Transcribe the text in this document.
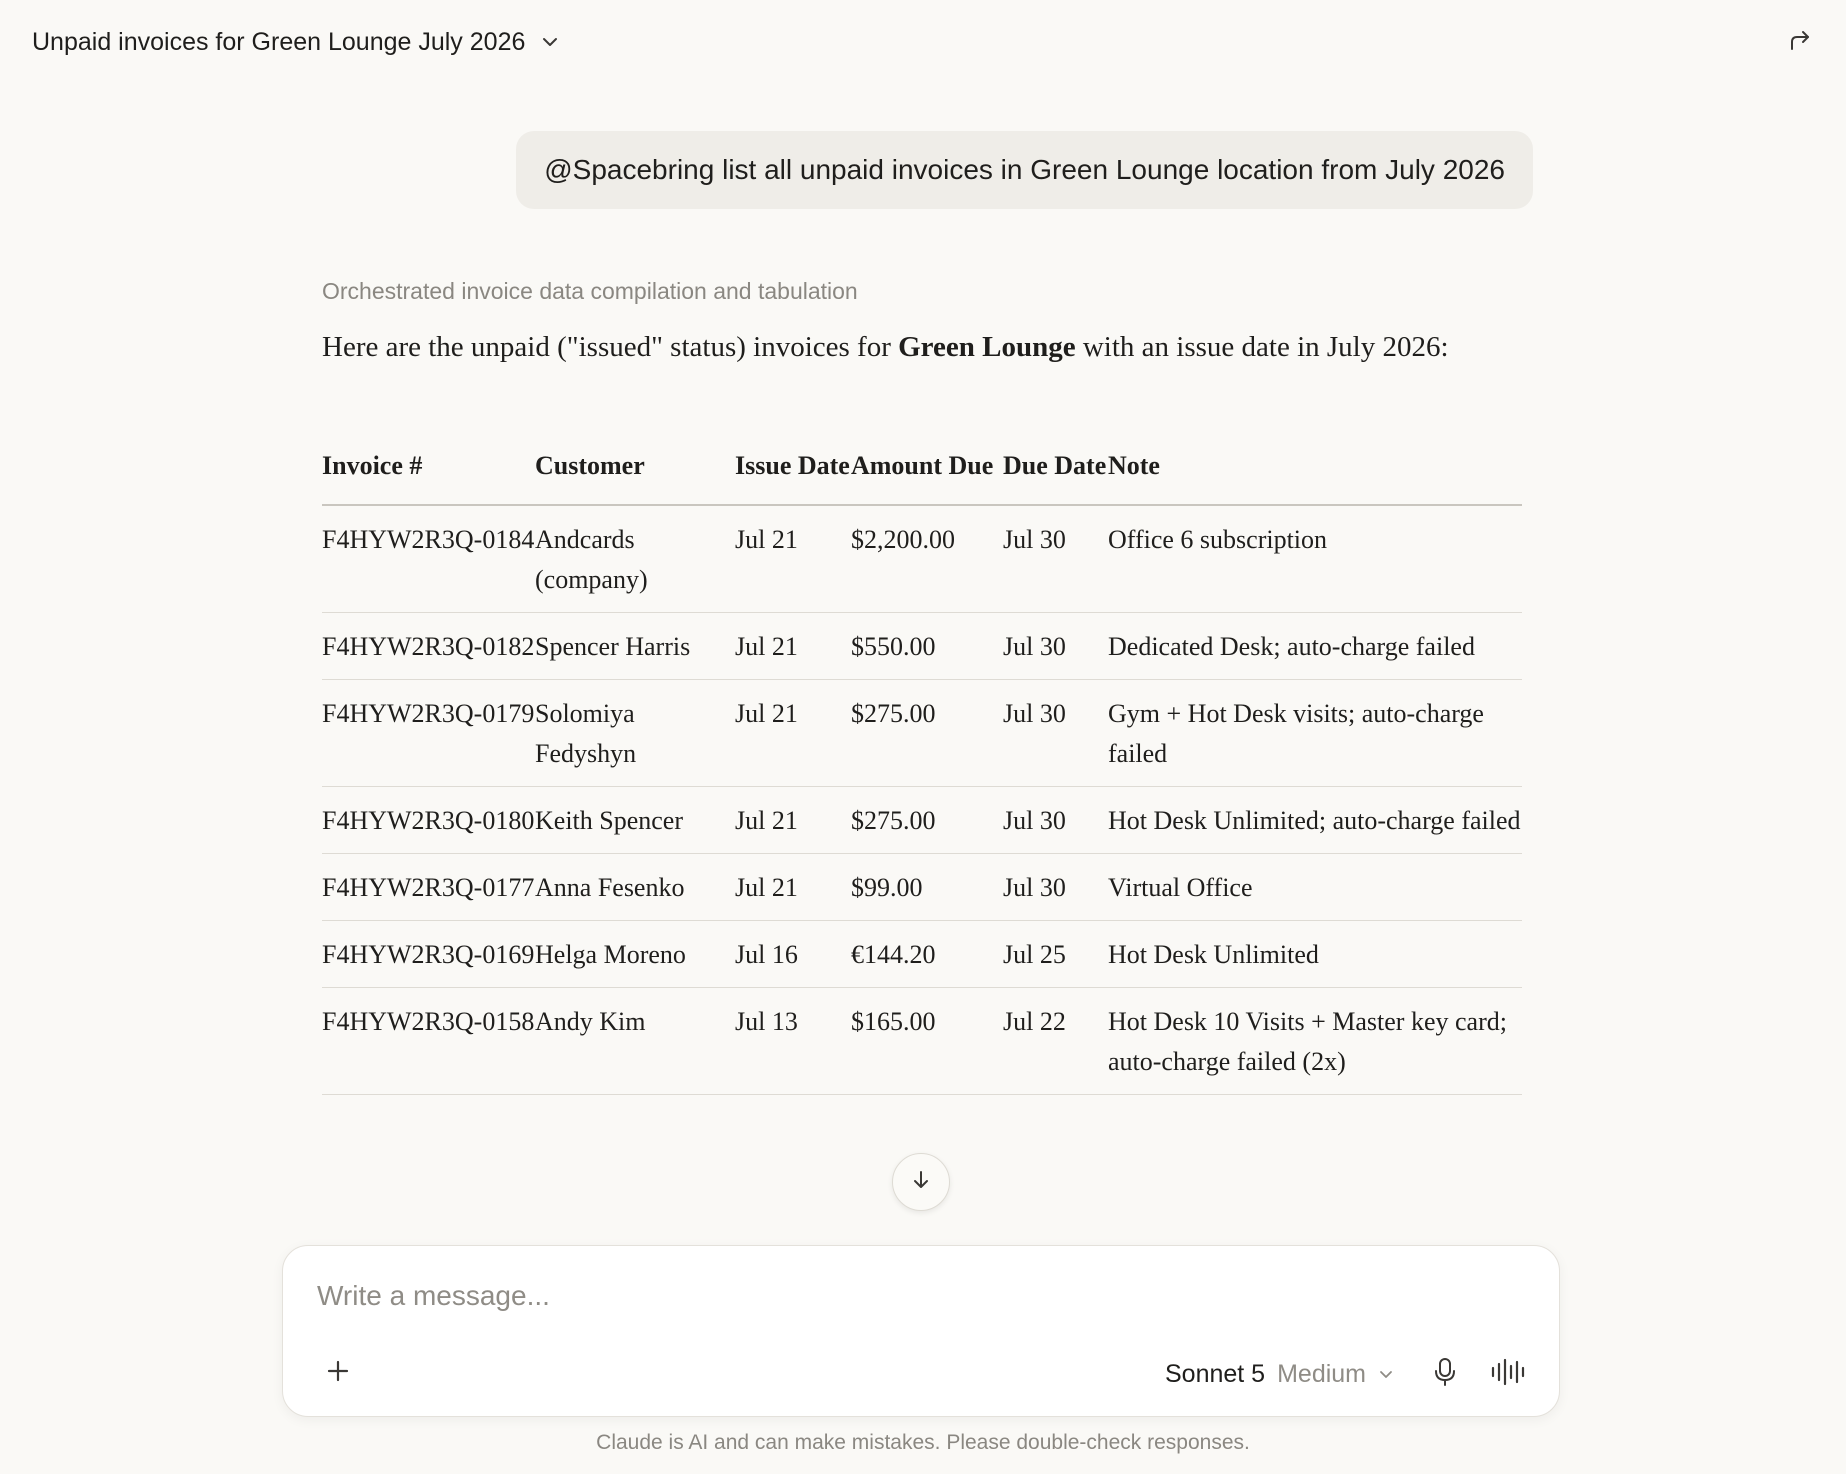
Unpaid invoices for Green Lounge July 2026
@Spacebring list all unpaid invoices in Green Lounge location from July 2026
Orchestrated invoice data compilation and tabulation
Here are the unpaid ("issued" status) invoices for Green Lounge with an issue date in July 2026:
Invoice #	Customer	Issue Date	Amount Due	Due Date	Note
F4HYW2R3Q-0184	Andcards (company)	Jul 21	$2,200.00	Jul 30	Office 6 subscription
F4HYW2R3Q-0182	Spencer Harris	Jul 21	$550.00	Jul 30	Dedicated Desk; auto-charge failed
F4HYW2R3Q-0179	Solomiya Fedyshyn	Jul 21	$275.00	Jul 30	Gym + Hot Desk visits; auto-charge failed
F4HYW2R3Q-0180	Keith Spencer	Jul 21	$275.00	Jul 30	Hot Desk Unlimited; auto-charge failed
F4HYW2R3Q-0177	Anna Fesenko	Jul 21	$99.00	Jul 30	Virtual Office
F4HYW2R3Q-0169	Helga Moreno	Jul 16	€144.20	Jul 25	Hot Desk Unlimited
F4HYW2R3Q-0158	Andy Kim	Jul 13	$165.00	Jul 22	Hot Desk 10 Visits + Master key card; auto-charge failed (2x)
Write a message...
Sonnet 5 Medium
Claude is AI and can make mistakes. Please double-check responses.
